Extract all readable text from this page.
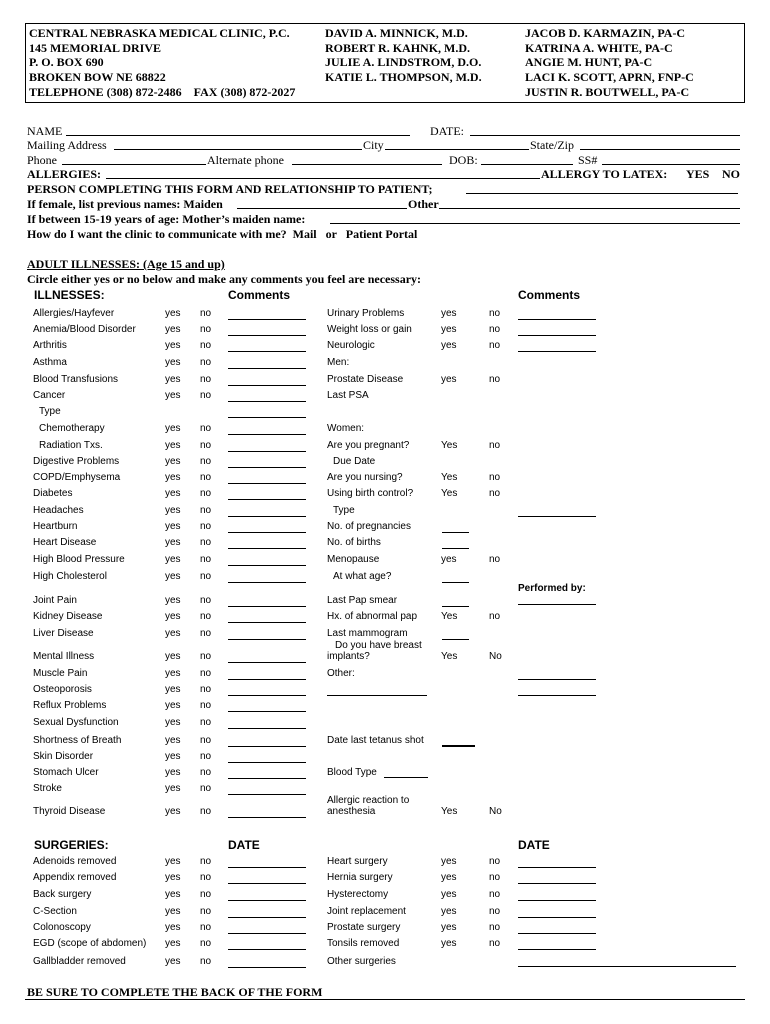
CENTRAL NEBRASKA MEDICAL CLINIC, P.C.
145 MEMORIAL DRIVE
P. O. BOX 690
BROKEN BOW NE 68822
TELEPHONE (308) 872-2486    FAX (308) 872-2027
DAVID A. MINNICK, M.D.
ROBERT R. KAHNK, M.D.
JULIE A. LINDSTROM, D.O.
KATIE L. THOMPSON, M.D.
JACOB D. KARMAZIN, PA-C
KATRINA A. WHITE, PA-C
ANGIE M. HUNT, PA-C
LACI K. SCOTT, APRN, FNP-C
JUSTIN R. BOUTWELL, PA-C
NAME	DATE:
Mailing Address	City	State/Zip
Phone	Alternate phone	DOB:	SS#
ALLERGIES:	ALLERGY TO LATEX: YES NO
PERSON COMPLETING THIS FORM AND RELATIONSHIP TO PATIENT;
If female, list previous names: Maiden	Other
If between 15-19 years of age: Mother’s maiden name:
How do I want the clinic to communicate with me?  Mail   or   Patient Portal
ADULT ILLNESSES: (Age 15 and up)
Circle either yes or no below and make any comments you feel are necessary:
ILLNESSES:	Comments	Comments
Allergies/Hayfever	yes no
Anemia/Blood Disorder	yes no
Arthritis	yes no
Asthma	yes no
Blood Transfusions	yes no
Cancer	yes no
Type
Chemotherapy	yes no
Radiation Txs.	yes no
Digestive Problems	yes no
COPD/Emphysema	yes no
Diabetes	yes no
Headaches	yes no
Heartburn	yes no
Heart Disease	yes no
High Blood Pressure	yes no
High Cholesterol	yes no
Joint Pain	yes no
Kidney Disease	yes no
Liver Disease	yes no
Mental Illness	yes no
Muscle Pain	yes no
Osteoporosis	yes no
Reflux Problems	yes no
Sexual Dysfunction	yes no
Shortness of Breath	yes no
Skin Disorder	yes no
Stomach Ulcer	yes no
Stroke	yes no
Thyroid Disease	yes no
Urinary Problems	yes	no
Weight loss or gain	yes	no
Neurologic	yes	no
Men:
Prostate Disease	yes	no
Last PSA
Women:
Are you pregnant?	Yes	no
Due Date
Are you nursing?	Yes	no
Using birth control?	Yes	no
Type
No. of pregnancies
No. of births
Menopause	yes	no
At what age?
Performed by:
Last Pap smear
Hx. of abnormal pap Yes	no
Last mammogram
Do you have breast
implants?	Yes	No
Other:
Date last tetanus shot
Blood Type
Allergic reaction to
anesthesia	Yes	No
SURGERIES:	DATE	DATE
Adenoids removed	yes no
Appendix removed	yes no
Back surgery	yes no
C-Section	yes no
Colonoscopy	yes no
EGD (scope of abdomen) yes no
Gallbladder removed	yes no
Heart surgery	yes	no
Hernia surgery	yes	no
Hysterectomy	yes	no
Joint replacement	yes	no
Prostate surgery	yes	no
Tonsils removed	yes	no
Other surgeries
BE SURE TO COMPLETE THE BACK OF THE FORM
